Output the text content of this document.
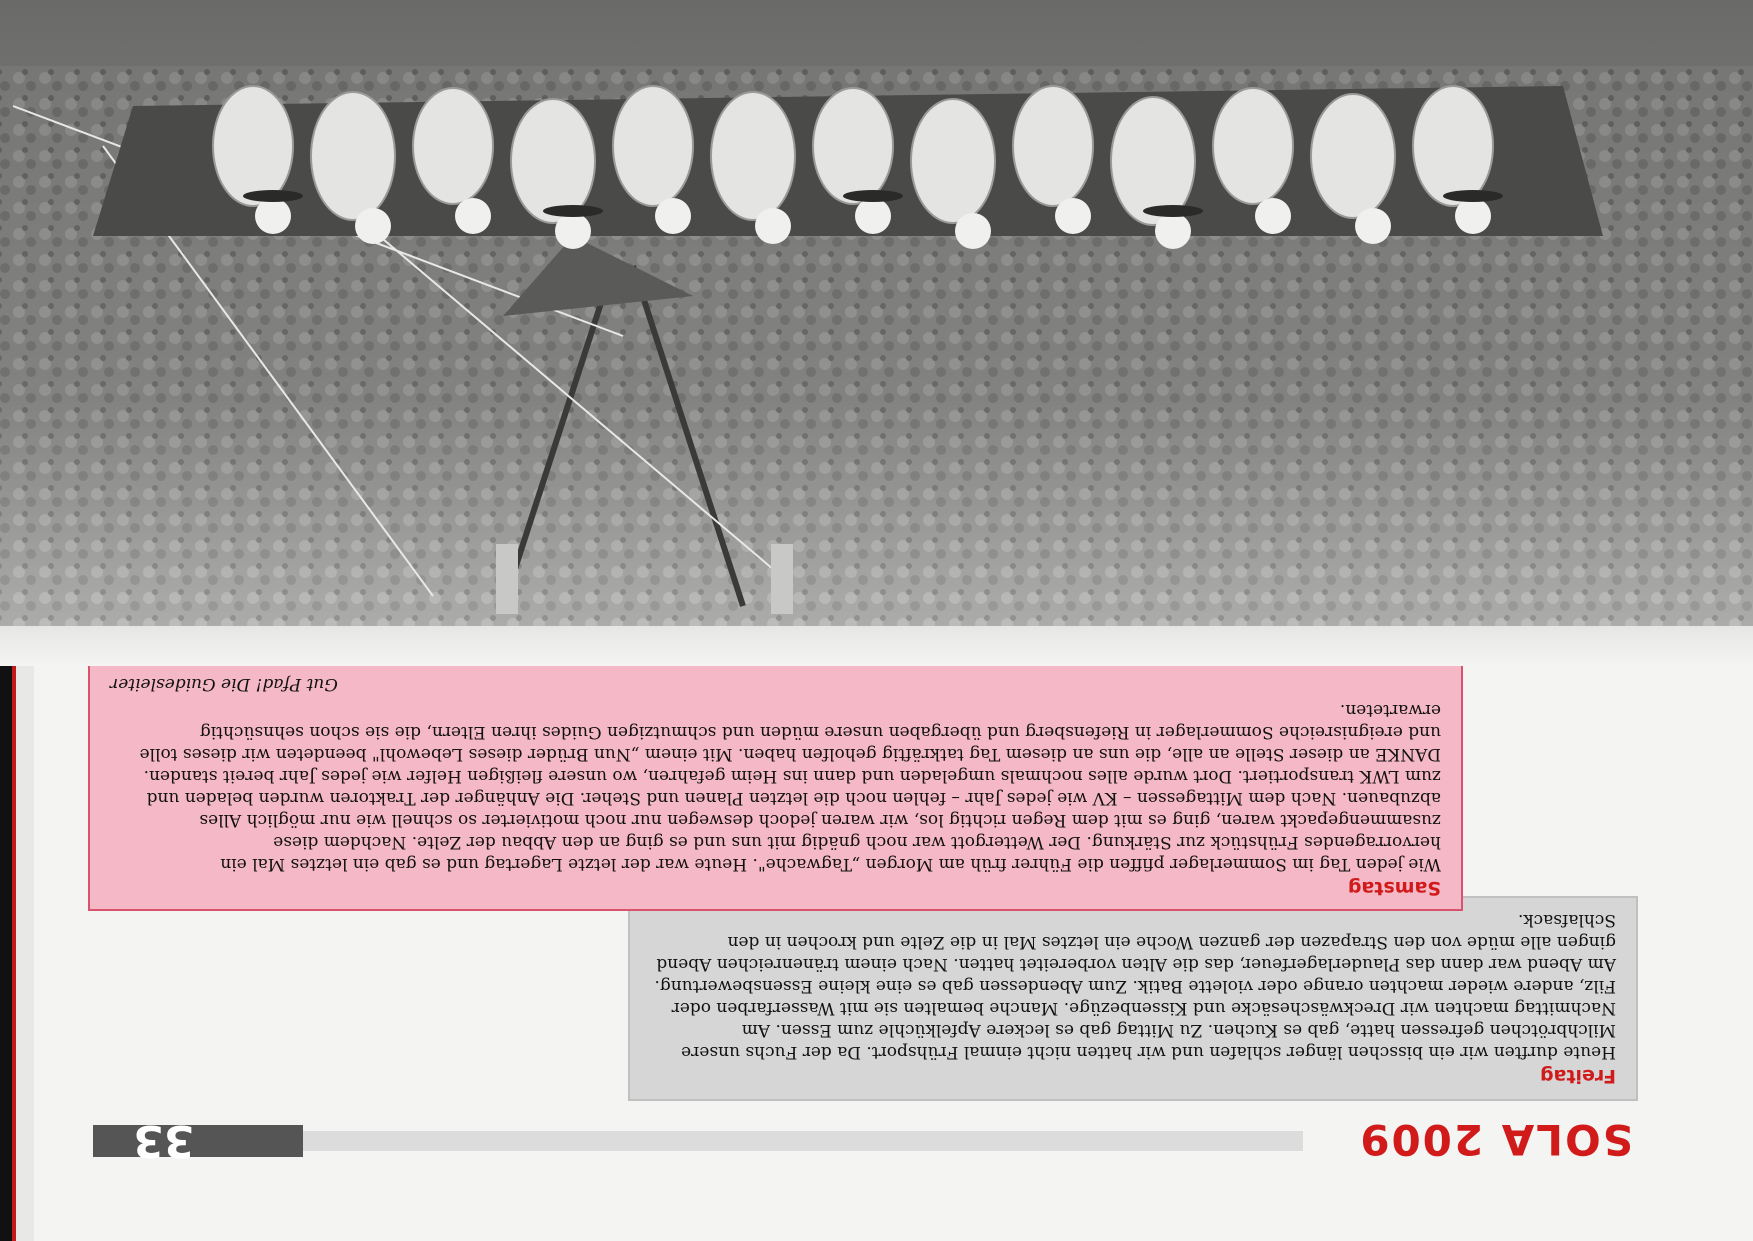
SOLA 2009
33
Freitag
Heute durften wir ein bisschen länger schlafen und wir hatten nicht einmal Frühsport. Da der Fuchs unsere Milchbrötchen gefressen hatte, gab es Kuchen. Zu Mittag gab es leckere Apfelküchle zum Essen. Am Nachmittag machten wir Dreckwäschesäcke und Kissenbezüge. Manche bemalten sie mit Wasserfarben oder Filz, andere wieder machten orange oder violette Batik. Zum Abendessen gab es eine kleine Essensbewertung. Am Abend war dann das Plauderlagerfeuer, das die Alten vorbereitet hatten. Nach einem tränenreichen Abend gingen alle müde von den Strapazen der ganzen Woche ein letztes Mal in die Zelte und krochen in den Schlafsack.
Samstag
Wie jeden Tag im Sommerlager pfiffen die Führer früh am Morgen „Tagwache". Heute war der letzte Lagertag und es gab ein letztes Mal ein hervorragendes Frühstück zur Stärkung. Der Wettergott war noch gnädig mit uns und es ging an den Abbau der Zelte. Nachdem diese zusammengepackt waren, ging es mit dem Regen richtig los, wir waren jedoch deswegen nur noch motivierter so schnell wie nur möglich Alles abzubauen. Nach dem Mittagessen – KV wie jedes Jahr – fehlen noch die letzten Planen und Steher. Die Anhänger der Traktoren wurden beladen und zum LWK transportiert. Dort wurde alles nochmals umgeladen und dann ins Heim gefahren, wo unsere fleißigen Helfer wie jedes Jahr bereit standen. DANKE an dieser Stelle an alle, die uns an diesem Tag tatkräftig geholfen haben. Mit einem „Nun Brüder dieses Lebewohl" beendeten wir dieses tolle und ereignisreiche Sommerlager in Riefensberg und übergaben unsere müden und schmutzigen Guides ihren Eltern, die sie schon sehnsüchtig erwarteten.
Gut Pfad! Die Guidesleiter
